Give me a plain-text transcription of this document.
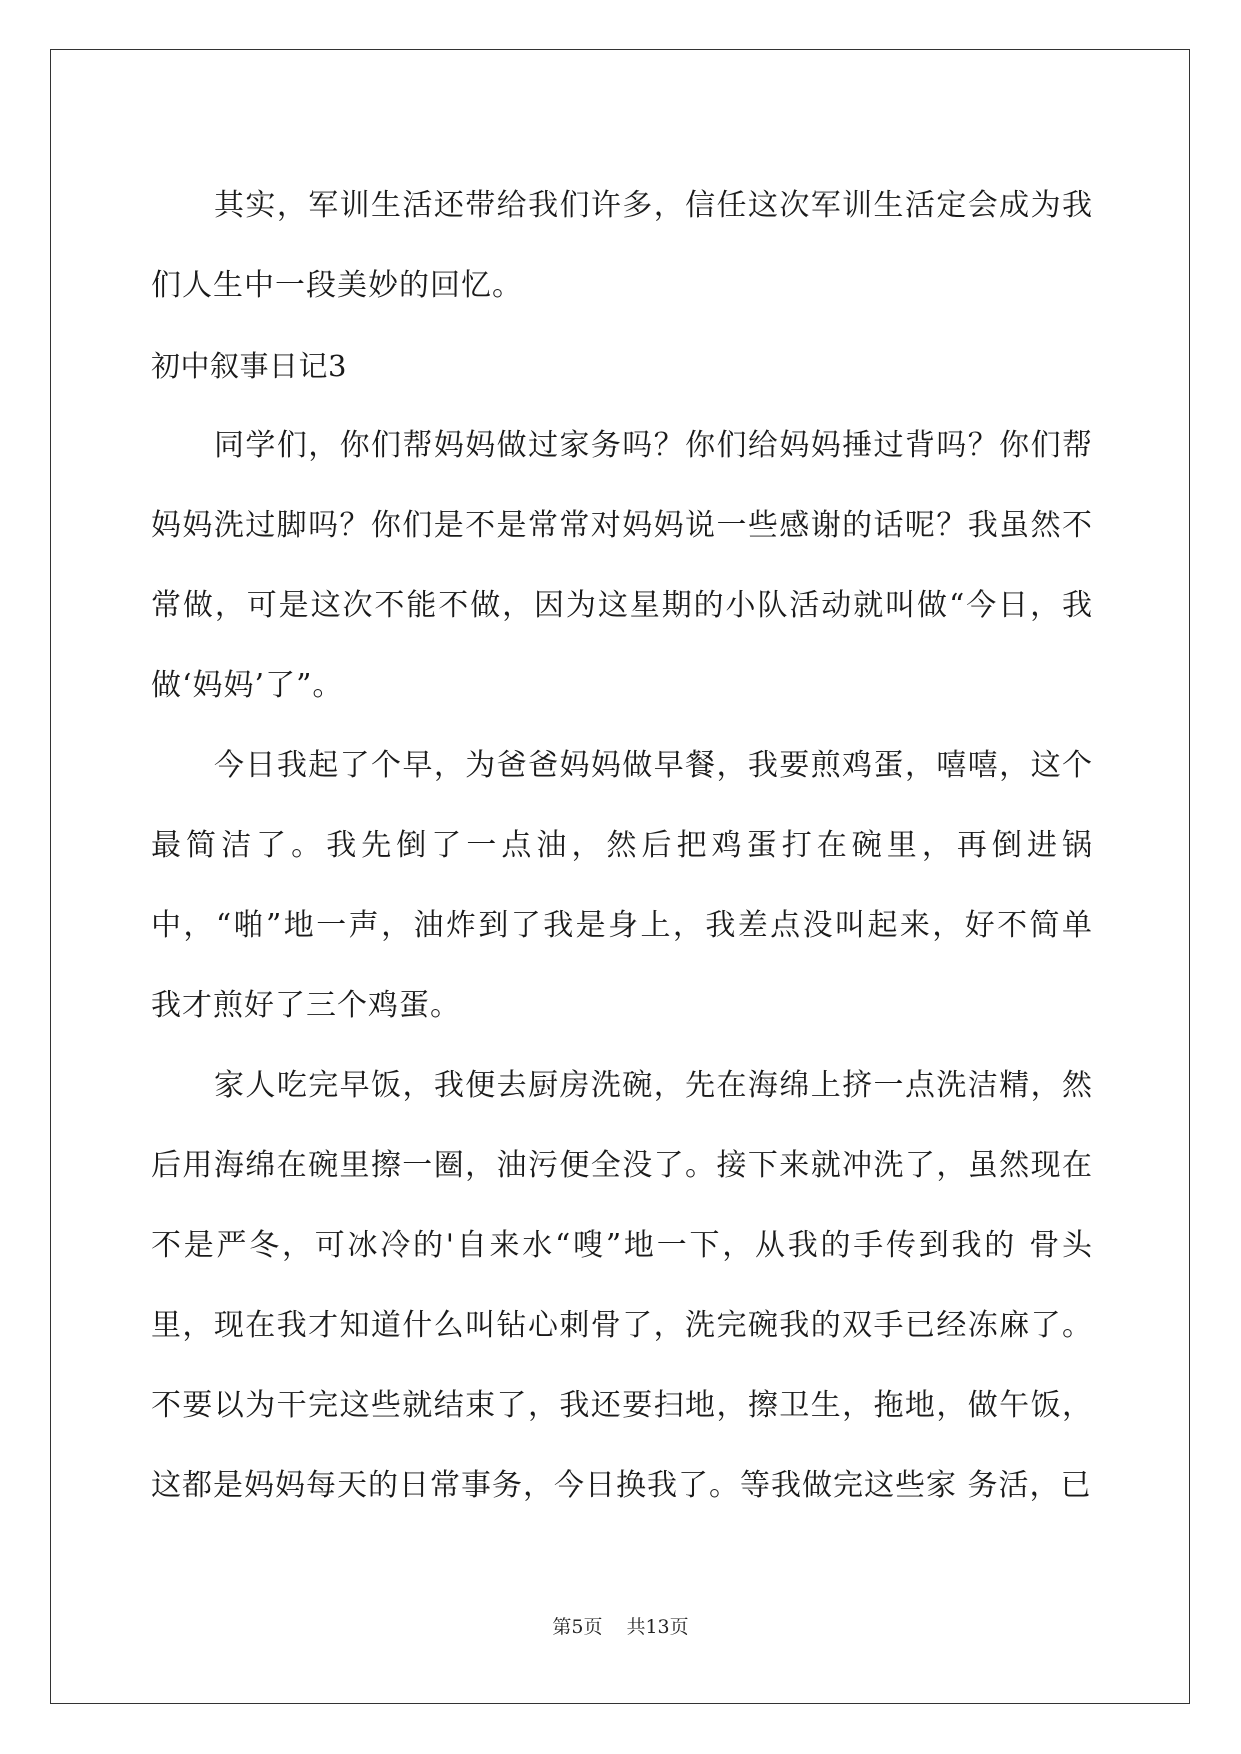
其实，军训生活还带给我们许多，信任这次军训生活定会成为我们人生中一段美妙的回忆。

初中叙事日记3

同学们，你们帮妈妈做过家务吗？你们给妈妈捶过背吗？你们帮妈妈洗过脚吗？你们是不是常常对妈妈说一些感谢的话呢？我虽然不常做，可是这次不能不做，因为这星期的小队活动就叫做“今日，我做‘妈妈’了”。

今日我起了个早，为爸爸妈妈做早餐，我要煎鸡蛋，嘻嘻，这个最简洁了。我先倒了一点油，然后把鸡蛋打在碗里，再倒进锅中，“啪”地一声，油炸到了我是身上，我差点没叫起来，好不简单 我才煎好了三个鸡蛋。

家人吃完早饭，我便去厨房洗碗，先在海绵上挤一点洗洁精，然后用海绵在碗里擦一圈，油污便全没了。接下来就冲洗了，虽然现在不是严冬，可冰冷的'自来水“嗖”地一下，从我的手传到我的 骨头里，现在我才知道什么叫钻心刺骨了，洗完碗我的双手已经冻麻了。不要以为干完这些就结束了，我还要扫地，擦卫生，拖地，做午饭，这都是妈妈每天的日常事务，今日换我了。等我做完这些家 务活，已

第5页 共13页
